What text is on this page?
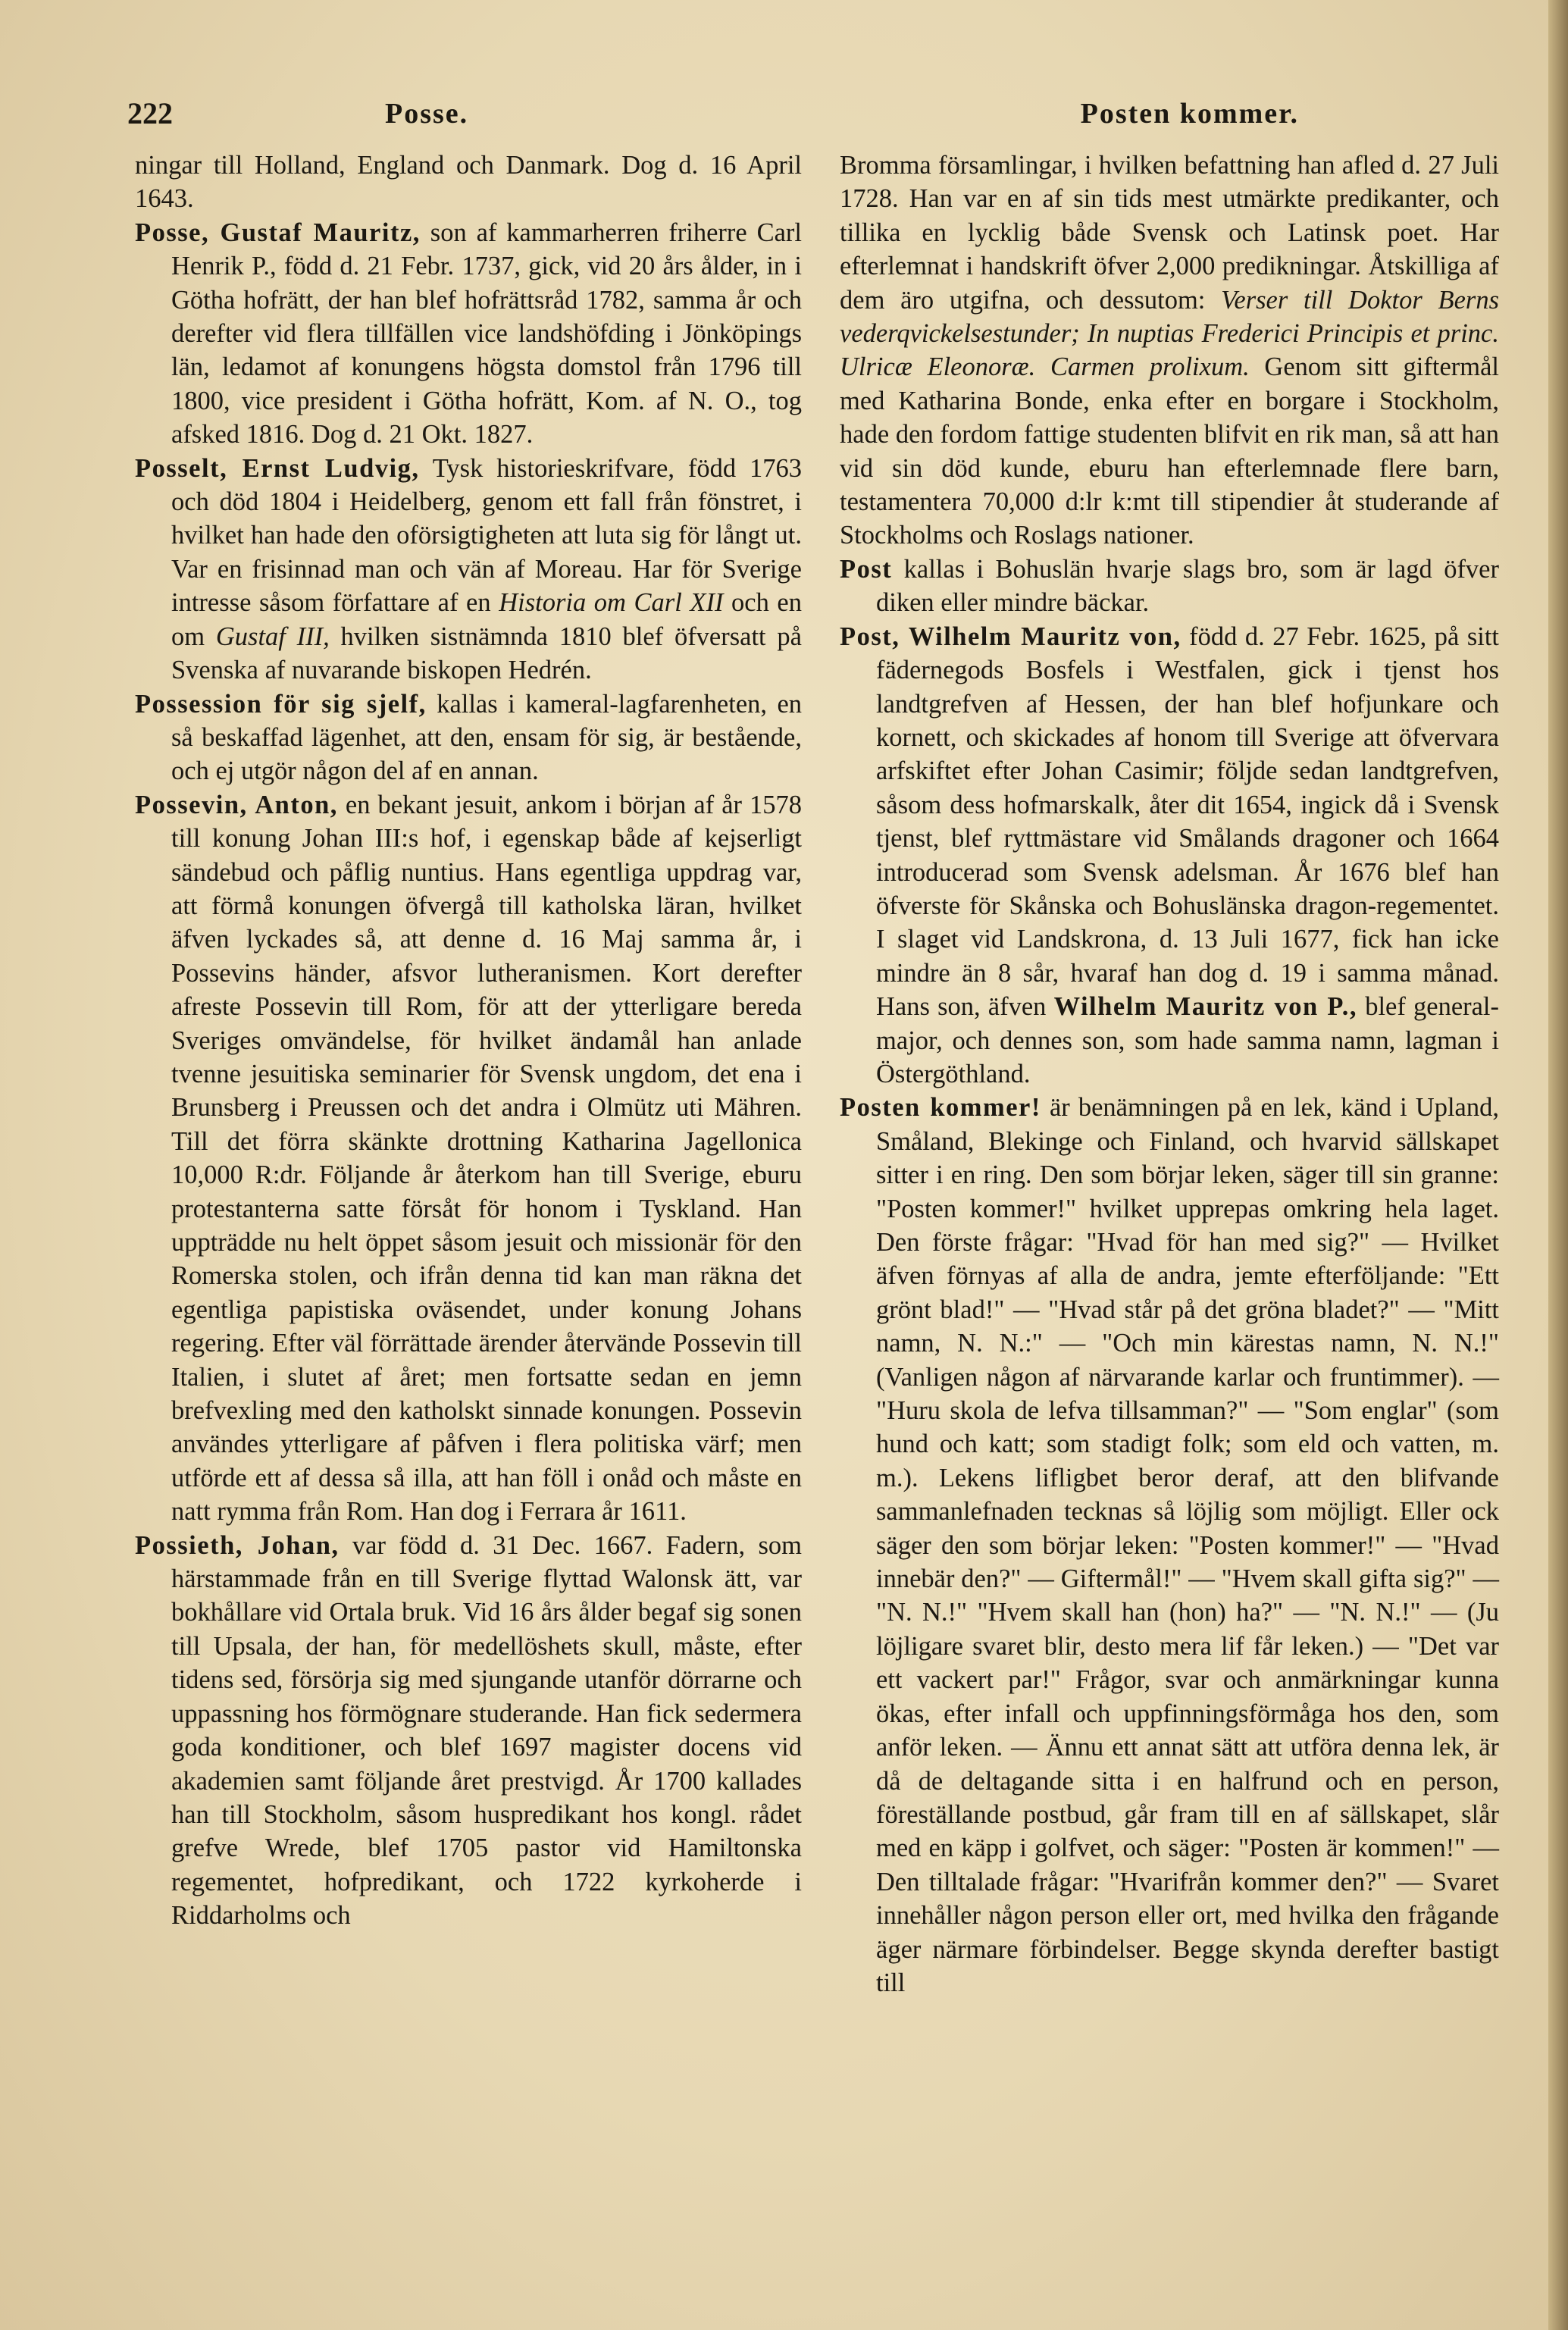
222	Posse.	Posten kommer.

ningar till Holland, England och Danmark. Dog d. 16 April 1643.

Posse, Gustaf Mauritz, son af kammarherren friherre Carl Henrik P., född d. 21 Febr. 1737, gick, vid 20 års ålder, in i Götha hofrätt, der han blef hofrättsråd 1782, samma år och derefter vid flera tillfällen vice landshöfding i Jönköpings län, ledamot af konungens högsta domstol från 1796 till 1800, vice president i Götha hofrätt, Kom. af N. O., tog afsked 1816. Dog d. 21 Okt. 1827.

Posselt, Ernst Ludvig, Tysk historieskrifvare, född 1763 och död 1804 i Heidelberg, genom ett fall från fönstret, i hvilket han hade den oförsigtigheten att luta sig för långt ut. Var en frisinnad man och vän af Moreau. Har för Sverige intresse såsom författare af en Historia om Carl XII och en om Gustaf III, hvilken sistnämnda 1810 blef öfversatt på Svenska af nuvarande biskopen Hedrén.

Possession för sig sjelf, kallas i kameral-lagfarenheten, en så beskaffad lägenhet, att den, ensam för sig, är bestående, och ej utgör någon del af en annan.

Possevin, Anton, en bekant jesuit, ankom i början af år 1578 till konung Johan III:s hof, i egenskap både af kejserligt sändebud och påflig nuntius. Hans egentliga uppdrag var, att förmå konungen öfvergå till katholska läran, hvilket äfven lyckades så, att denne d. 16 Maj samma år, i Possevins händer, afsvor lutheranismen. Kort derefter afreste Possevin till Rom, för att der ytterligare bereda Sveriges omvändelse, för hvilket ändamål han anlade tvenne jesuitiska seminarier för Svensk ungdom, det ena i Brunsberg i Preussen och det andra i Olmütz uti Mähren. Till det förra skänkte drottning Katharina Jagellonica 10,000 R:dr. Följande år återkom han till Sverige, eburu protestanterna satte försåt för honom i Tyskland. Han uppträdde nu helt öppet såsom jesuit och missionär för den Romerska stolen, och ifrån denna tid kan man räkna det egentliga papistiska oväsendet, under konung Johans regering. Efter väl förrättade ärender återvände Possevin till Italien, i slutet af året; men fortsatte sedan en jemn brefvexling med den katholskt sinnade konungen. Possevin användes ytterligare af påfven i flera politiska värf; men utförde ett af dessa så illa, att han föll i onåd och måste en natt rymma från Rom. Han dog i Ferrara år 1611.

Possieth, Johan, var född d. 31 Dec. 1667. Fadern, som härstammade från en till Sverige flyttad Walonsk ätt, var bokhållare vid Ortala bruk. Vid 16 års ålder begaf sig sonen till Upsala, der han, för medellöshets skull, måste, efter tidens sed, försörja sig med sjungande utanför dörrarne och uppassning hos förmögnare studerande. Han fick sedermera goda konditioner, och blef 1697 magister docens vid akademien samt följande året prestvigd. År 1700 kallades han till Stockholm, såsom huspredikant hos kongl. rådet grefve Wrede, blef 1705 pastor vid Hamiltonska regementet, hofpredikant, och 1722 kyrkoherde i Riddarholms och

Bromma församlingar, i hvilken befattning han afled d. 27 Juli 1728. Han var en af sin tids mest utmärkte predikanter, och tillika en lycklig både Svensk och Latinsk poet. Har efterlemnat i handskrift öfver 2,000 predikningar. Åtskilliga af dem äro utgifna, och dessutom: Verser till Doktor Berns vederqvickelsestunder; In nuptias Frederici Principis et princ. Ulricæ Eleonoræ. Carmen prolixum. Genom sitt giftermål med Katharina Bonde, enka efter en borgare i Stockholm, hade den fordom fattige studenten blifvit en rik man, så att han vid sin död kunde, eburu han efterlemnade flere barn, testamentera 70,000 d:lr k:mt till stipendier åt studerande af Stockholms och Roslags nationer.

Post kallas i Bohuslän hvarje slags bro, som är lagd öfver diken eller mindre bäckar.

Post, Wilhelm Mauritz von, född d. 27 Febr. 1625, på sitt fädernegods Bosfels i Westfalen, gick i tjenst hos landtgrefven af Hessen, der han blef hofjunkare och kornett, och skickades af honom till Sverige att öfvervara arfskiftet efter Johan Casimir; följde sedan landtgrefven, såsom dess hofmarskalk, åter dit 1654, ingick då i Svensk tjenst, blef ryttmästare vid Smålands dragoner och 1664 introducerad som Svensk adelsman. År 1676 blef han öfverste för Skånska och Bohuslänska dragon-regementet. I slaget vid Landskrona, d. 13 Juli 1677, fick han icke mindre än 8 sår, hvaraf han dog d. 19 i samma månad. Hans son, äfven Wilhelm Mauritz von P., blef general-major, och dennes son, som hade samma namn, lagman i Östergöthland.

Posten kommer! är benämningen på en lek, känd i Upland, Småland, Blekinge och Finland, och hvarvid sällskapet sitter i en ring. Den som börjar leken, säger till sin granne: "Posten kommer!" hvilket upprepas omkring hela laget. Den förste frågar: "Hvad för han med sig?" — Hvilket äfven förnyas af alla de andra, jemte efterföljande: "Ett grönt blad!" — "Hvad står på det gröna bladet?" — "Mitt namn, N. N.:" — "Och min kärestas namn, N. N.!" (Vanligen någon af närvarande karlar och fruntimmer). — "Huru skola de lefva tillsamman?" — "Som englar" (som hund och katt; som stadigt folk; som eld och vatten, m. m.). Lekens lifligbet beror deraf, att den blifvande sammanlefnaden tecknas så löjlig som möjligt. Eller ock säger den som börjar leken: "Posten kommer!" — "Hvad innebär den?" — Giftermål!" — "Hvem skall gifta sig?" — "N. N.!" "Hvem skall han (hon) ha?" — "N. N.!" — (Ju löjligare svaret blir, desto mera lif får leken.) — "Det var ett vackert par!" Frågor, svar och anmärkningar kunna ökas, efter infall och uppfinningsförmåga hos den, som anför leken. — Ännu ett annat sätt att utföra denna lek, är då de deltagande sitta i en halfrund och en person, föreställande postbud, går fram till en af sällskapet, slår med en käpp i golfvet, och säger: "Posten är kommen!" — Den tilltalade frågar: "Hvarifrån kommer den?" — Svaret innehåller någon person eller ort, med hvilka den frågande äger närmare förbindelser. Begge skynda derefter bastigt till
